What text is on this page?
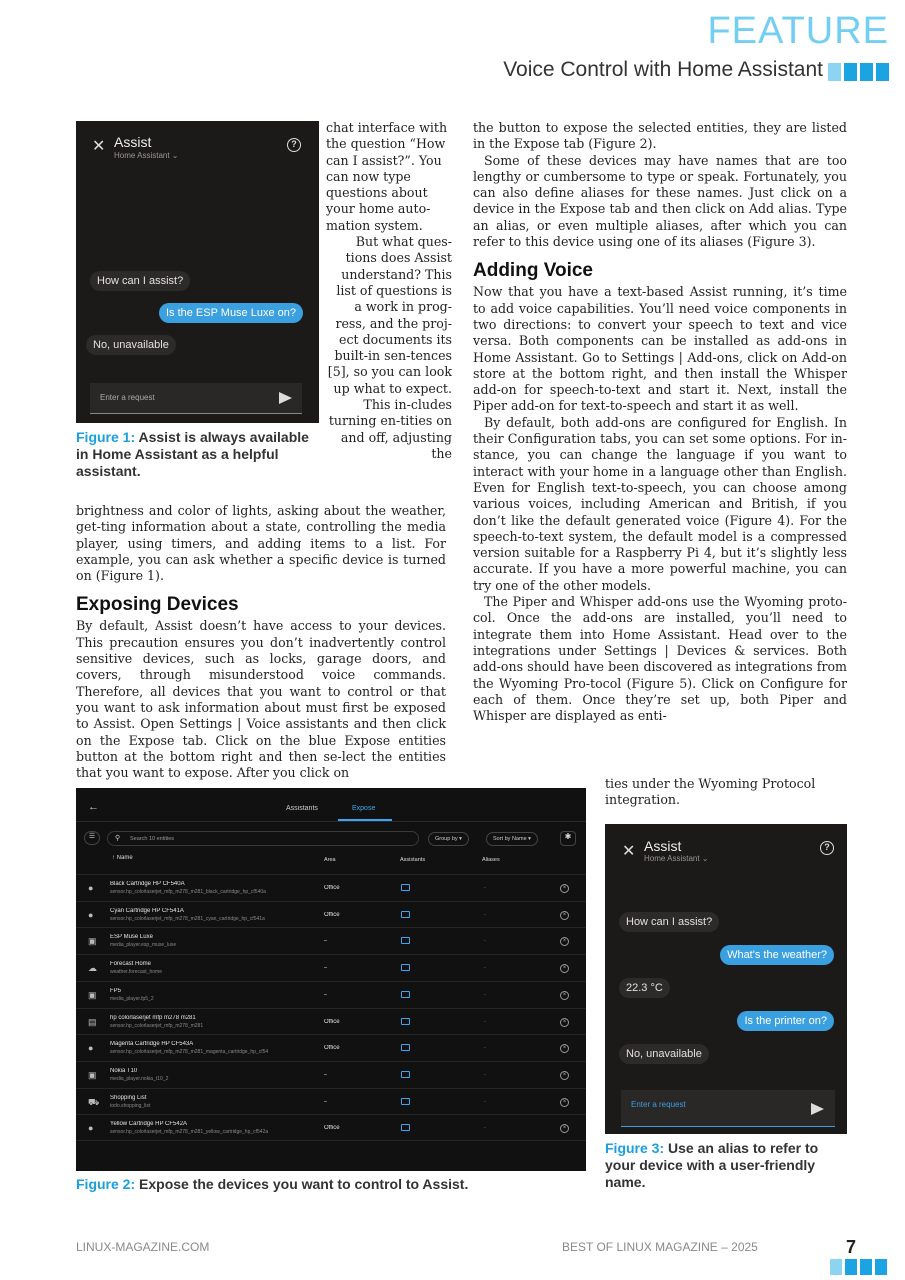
FEATURE
Voice Control with Home Assistant
✕ Assist
Home Assistant ⌄
?
How can I assist?
Is the ESP Muse Luxe on?
No, unavailable
Enter a request
Figure 1: Assist is always available in Home Assistant as a helpful assistant.

chat interface with the question “How can I assist?”. You can now type questions about your home auto-mation system.

But what ques-tions does Assist understand? This list of questions is a work in prog-ress, and the proj-ect documents its built-in sen-tences [5], so you can look up what to expect. This in-cludes turning en-tities on and off, adjusting the

brightness and color of lights, asking about the weather, get-ting information about a state, controlling the media player, using timers, and adding items to a list. For example, you can ask whether a specific device is turned on (Figure 1).

Exposing Devices

By default, Assist doesn’t have access to your devices. This precaution ensures you don’t inadvertently control sensitive devices, such as locks, garage doors, and covers, through misunderstood voice commands. Therefore, all devices that you want to control or that you want to ask information about must first be exposed to Assist. Open Settings | Voice assistants and then click on the Expose tab. Click on the blue Expose entities button at the bottom right and then se-lect the entities that you want to expose. After you click on

the button to expose the selected entities, they are listed in the Expose tab (Figure 2).

Some of these devices may have names that are too lengthy or cumbersome to type or speak. Fortunately, you can also define aliases for these names. Just click on a device in the Expose tab and then click on Add alias. Type an alias, or even multiple aliases, after which you can refer to this device using one of its aliases (Figure 3).

Adding Voice

Now that you have a text-based Assist running, it’s time to add voice capabilities. You’ll need voice components in two directions: to convert your speech to text and vice versa. Both components can be installed as add-ons in Home Assistant. Go to Settings | Add-ons, click on Add-on store at the bottom right, and then install the Whisper add-on for speech-to-text and start it. Next, install the Piper add-on for text-to-speech and start it as well.

By default, both add-ons are configured for English. In their Configuration tabs, you can set some options. For in-stance, you can change the language if you want to interact with your home in a language other than English. Even for English text-to-speech, you can choose among various voices, including American and British, if you don’t like the default generated voice (Figure 4). For the speech-to-text system, the default model is a compressed version suitable for a Raspberry Pi 4, but it’s slightly less accurate. If you have a more powerful machine, you can try one of the other models.

The Piper and Whisper add-ons use the Wyoming proto-col. Once the add-ons are installed, you’ll need to integrate them into Home Assistant. Head over to the integrations under Settings | Devices & services. Both add-ons should have been discovered as integrations from the Wyoming Pro-tocol (Figure 5). Click on Configure for each of them. Once they’re set up, both Piper and Whisper are displayed as enti-

ties under the Wyoming Protocol integration.

←	Assistants	Expose
☰	⚲ Search 10 entities	Group by ▾	Sort by Name ▾	✱
↑ Name	Area	Assistants	Aliases
●	Black Cartridge HP CF540A
sensor.hp_colorlaserjet_mfp_m278_m281_black_cartridge_hp_cf540a
Office	-	×
●	Cyan Cartridge HP CF541A
sensor.hp_colorlaserjet_mfp_m278_m281_cyan_cartridge_hp_cf541a
Office	-	×
▣ ESP Muse Luxe
media_player.esp_muse_luxe
–	-	×
☁ Forecast Home
weather.forecast_home
–	-	×
▣ FP5
media_player.fp5_2
–	-	×
▤ hp colorlaserjet mfp m278 m281
sensor.hp_colorlaserjet_mfp_m278_m281
Office	-	×
●	Magenta Cartridge HP CF543A
sensor.hp_colorlaserjet_mfp_m278_m281_magenta_cartridge_hp_cf54
Office	-	×
▣ Nokia T10
media_player.nokia_t10_2
–	-	×
⛟ Shopping List
todo.shopping_list
–	-	×
●	Yellow Cartridge HP CF542A
sensor.hp_colorlaserjet_mfp_m278_m281_yellow_cartridge_hp_cf542a
Office	-	×
Figure 2: Expose the devices you want to control to Assist.
✕ Assist
Home Assistant ⌄
?
How can I assist?
What's the weather?
22.3 °C
Is the printer on?
No, unavailable
Enter a request
Figure 3: Use an alias to refer to your device with a user-friendly name.
LINUX-MAGAZINE.COM	BEST OF LINUX MAGAZINE – 2025	7
